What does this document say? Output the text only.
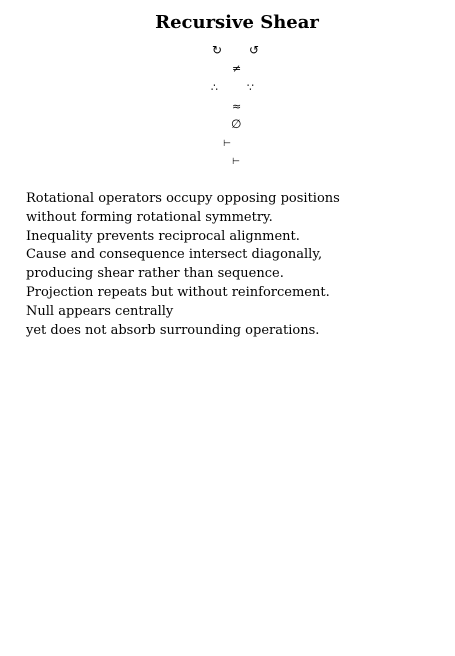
Recursive Shear
↻ ↺
≠
∴	∵
≈
∅
⊢
⊢
Rotational operators occupy opposing positions
without forming rotational symmetry.
Inequality prevents reciprocal alignment.
Cause and consequence intersect diagonally,
producing shear rather than sequence.
Projection repeats but without reinforcement.
Null appears centrally
yet does not absorb surrounding operations.
